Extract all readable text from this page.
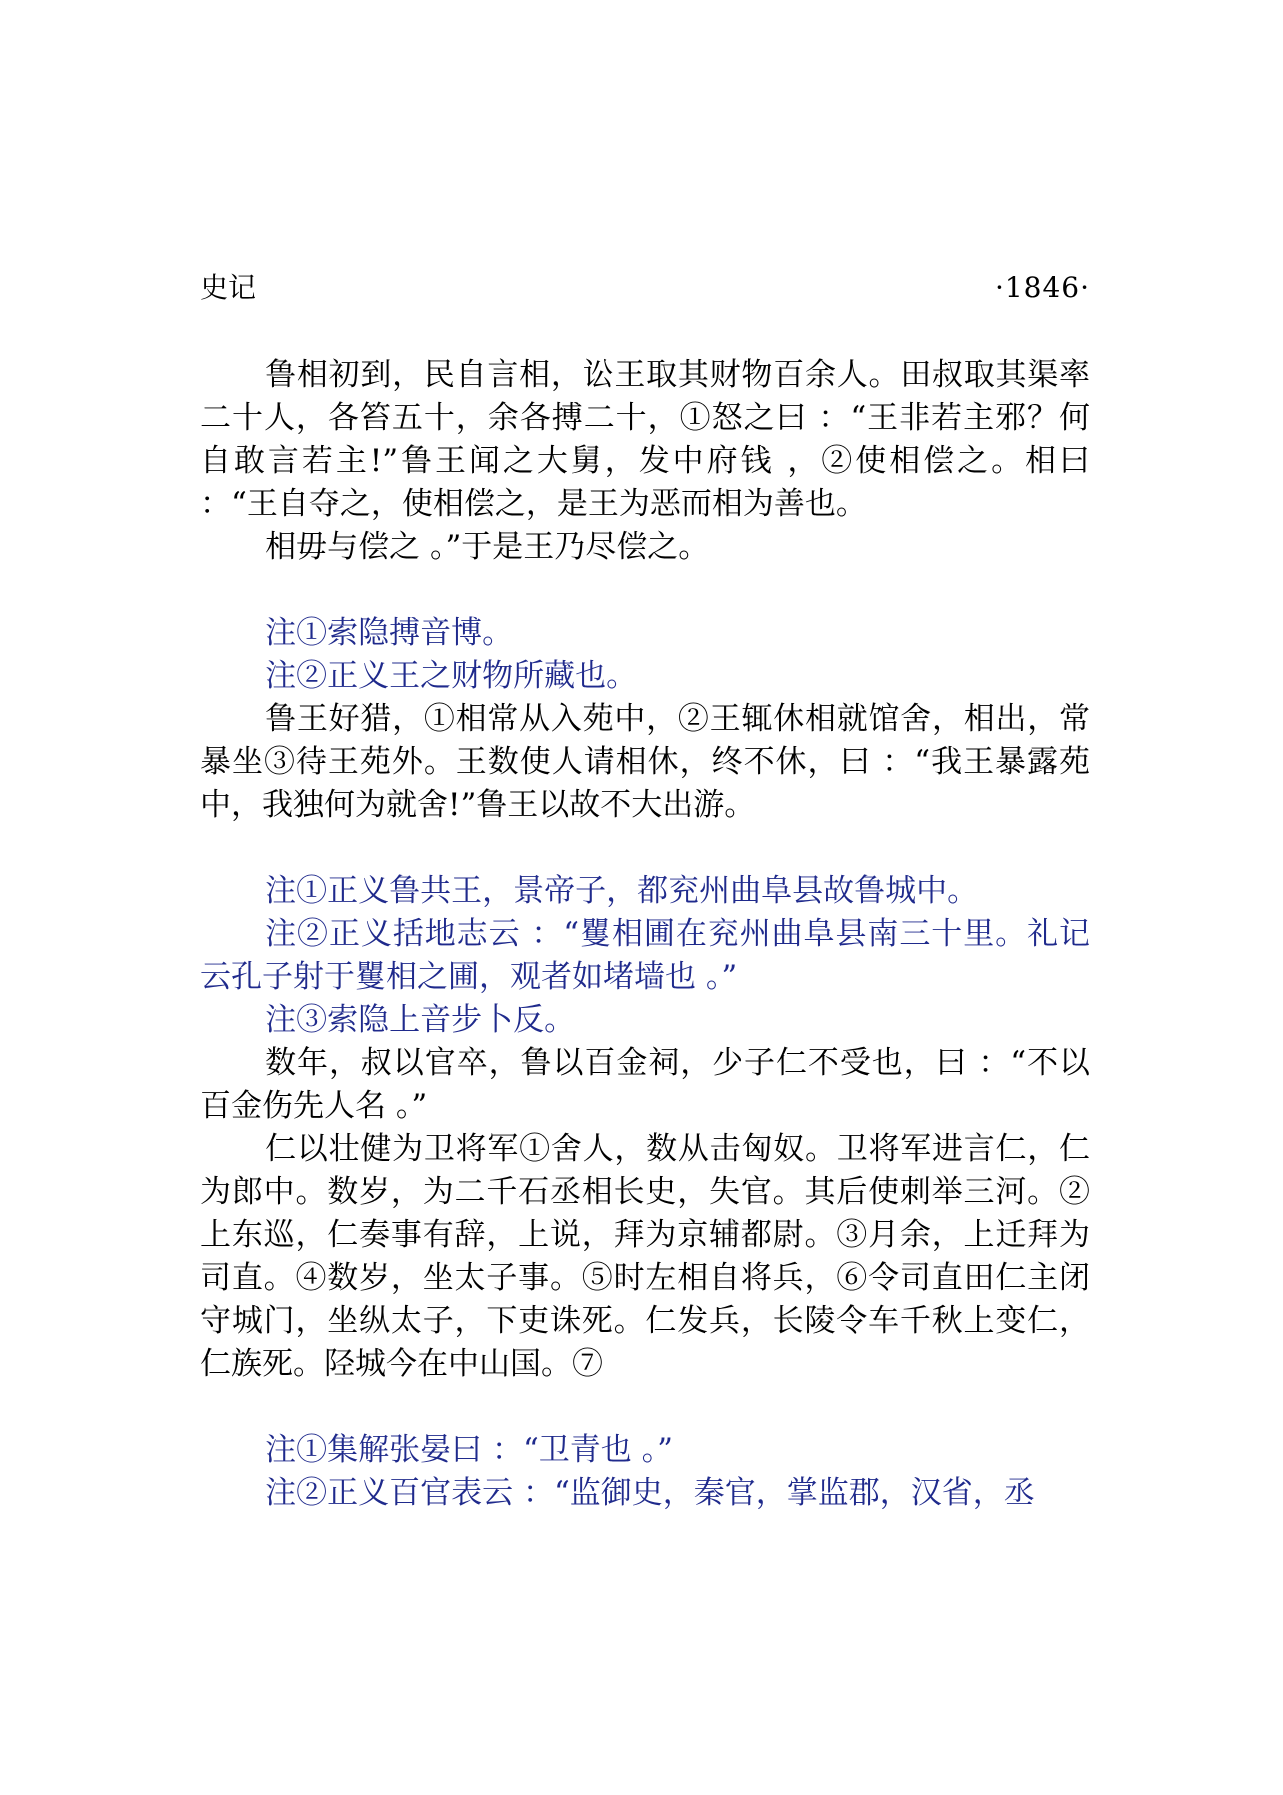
史记	·1846·

鲁相初到，民自言相，讼王取其财物百余人。田叔取其渠率二十人，各笞五十，余各搏二十，①怒之曰 ：“王非若主邪？何自敢言若主!”鲁王闻之大舅，发中府钱 ，②使相偿之。相曰 ：“王自夺之，使相偿之，是王为恶而相为善也。

相毋与偿之 。”于是王乃尽偿之。

注①索隐搏音博。

注②正义王之财物所藏也。

鲁王好猎，①相常从入苑中，②王辄休相就馆舍，相出，常暴坐③待王苑外。王数使人请相休，终不休，曰 ：“我王暴露苑中，我独何为就舍!”鲁王以故不大出游。

注①正义鲁共王，景帝子，都兖州曲阜县故鲁城中。

注②正义括地志云 ：“矍相圃在兖州曲阜县南三十里。礼记云孔子射于矍相之圃，观者如堵墙也 。”

注③索隐上音步卜反。

数年，叔以官卒，鲁以百金祠，少子仁不受也，曰 ：“不以百金伤先人名 。”

仁以壮健为卫将军①舍人，数从击匈奴。卫将军进言仁，仁为郎中。数岁，为二千石丞相长史，失官。其后使刺举三河。②上东巡，仁奏事有辞，上说，拜为京辅都尉。③月余，上迁拜为司直。④数岁，坐太子事。⑤时左相自将兵，⑥令司直田仁主闭守城门，坐纵太子，下吏诛死。仁发兵，长陵令车千秋上变仁，仁族死。陉城今在中山国。⑦

注①集解张晏曰 ：“卫青也 。”

注②正义百官表云 ：“监御史，秦官，掌监郡，汉省，丞
